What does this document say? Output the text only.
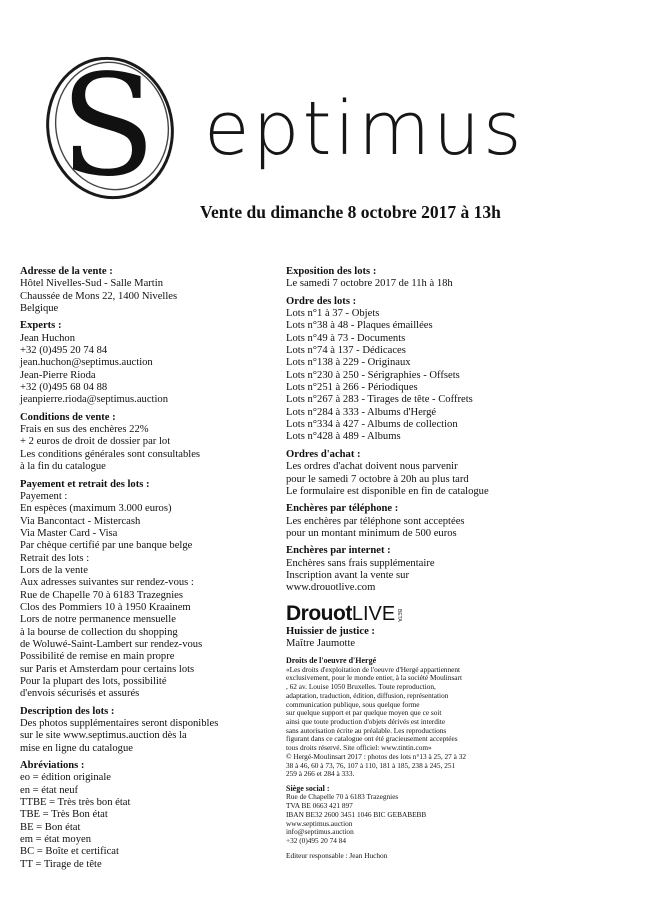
S eptimus
Vente du dimanche 8 octobre 2017 à 13h
Adresse de la vente :
Hôtel Nivelles-Sud - Salle Martin
Chaussée de Mons 22, 1400 Nivelles
Belgique
Experts :
Jean Huchon
+32 (0)495 20 74 84
jean.huchon@septimus.auction
Jean-Pierre Rioda
+32 (0)495 68 04 88
jeanpierre.rioda@septimus.auction
Conditions de vente :
Frais en sus des enchères 22%
+ 2 euros de droit de dossier par lot
Les conditions générales sont consultables
à la fin du catalogue
Payement et retrait des lots :
Payement :
En espèces (maximum 3.000 euros)
Via Bancontact - Mistercash
Via Master Card - Visa
Par chèque certifié par une banque belge
Retrait des lots :
Lors de la vente
Aux adresses suivantes sur rendez-vous :
Rue de Chapelle 70 à 6183 Trazegnies
Clos des Pommiers 10 à 1950 Kraainem
Lors de notre permanence mensuelle
à la bourse de collection du shopping
de Woluwé-Saint-Lambert sur rendez-vous
Possibilité de remise en main propre
sur Paris et Amsterdam pour certains lots
Pour la plupart des lots, possibilité
d'envois sécurisés et assurés
Description des lots :
Des photos supplémentaires seront disponibles
sur le site www.septimus.auction dès la
mise en ligne du catalogue
Abréviations :
eo = édition originale
en = état neuf
TTBE = Très très bon état
TBE = Très Bon état
BE = Bon état
em = état moyen
BC = Boîte et certificat
TT = Tirage de tête
Exposition des lots :
Le samedi 7 octobre 2017 de 11h à 18h
Ordre des lots :
Lots n°1 à 37 - Objets
Lots n°38 à 48 - Plaques émaillées
Lots n°49 à 73 - Documents
Lots n°74 à 137 - Dédicaces
Lots n°138 à 229 - Originaux
Lots n°230 à 250 - Sérigraphies - Offsets
Lots n°251 à 266 - Périodiques
Lots n°267 à 283 - Tirages de tête - Coffrets
Lots n°284 à 333 - Albums d'Hergé
Lots n°334 à 427 - Albums de collection
Lots n°428 à 489 - Albums
Ordres d'achat :
Les ordres d'achat doivent nous parvenir
pour le samedi 7 octobre à 20h au plus tard
Le formulaire est disponible en fin de catalogue
Enchères par téléphone :
Les enchères par téléphone sont acceptées
pour un montant minimum de 500 euros
Enchères par internet :
Enchères sans frais supplémentaire
Inscription avant la vente sur
www.drouotlive.com
Drouot LIVE BETA
Huissier de justice :
Maître Jaumotte
Droits de l'oeuvre d'Hergé
«Les droits d'exploitation de l'oeuvre d'Hergé appartiennent
exclusivement, pour le monde entier, à la société Moulinsart
, 62 av. Louise 1050 Bruxelles. Toute reproduction,
adaptation, traduction, édition, diffusion, représentation
communication publique, sous quelque forme
sur quelque support et par quelque moyen que ce soit
ainsi que toute production d'objets dérivés est interdite
sans autorisation écrite au préalable. Les reproductions
figurant dans ce catalogue ont été gracieusement acceptées
tous droits réservé. Site officiel: www.tintin.com»
© Hergé-Moulinsart 2017 : photos des lots n°13 à 25, 27 à 32
38 à 46, 60 à 73, 76, 107 à 110, 181 à 185, 238 à 245, 251
259 à 266 et 284 à 333.
Siège social :
Rue de Chapelle 70 à 6183 Trazegnies
TVA BE 0663 421 897
IBAN BE32 2600 3451 1046 BIC GEBABEBB
www.septimus.auction
info@septimus.auction
+32 (0)495 20 74 84
Editeur responsable : Jean Huchon
